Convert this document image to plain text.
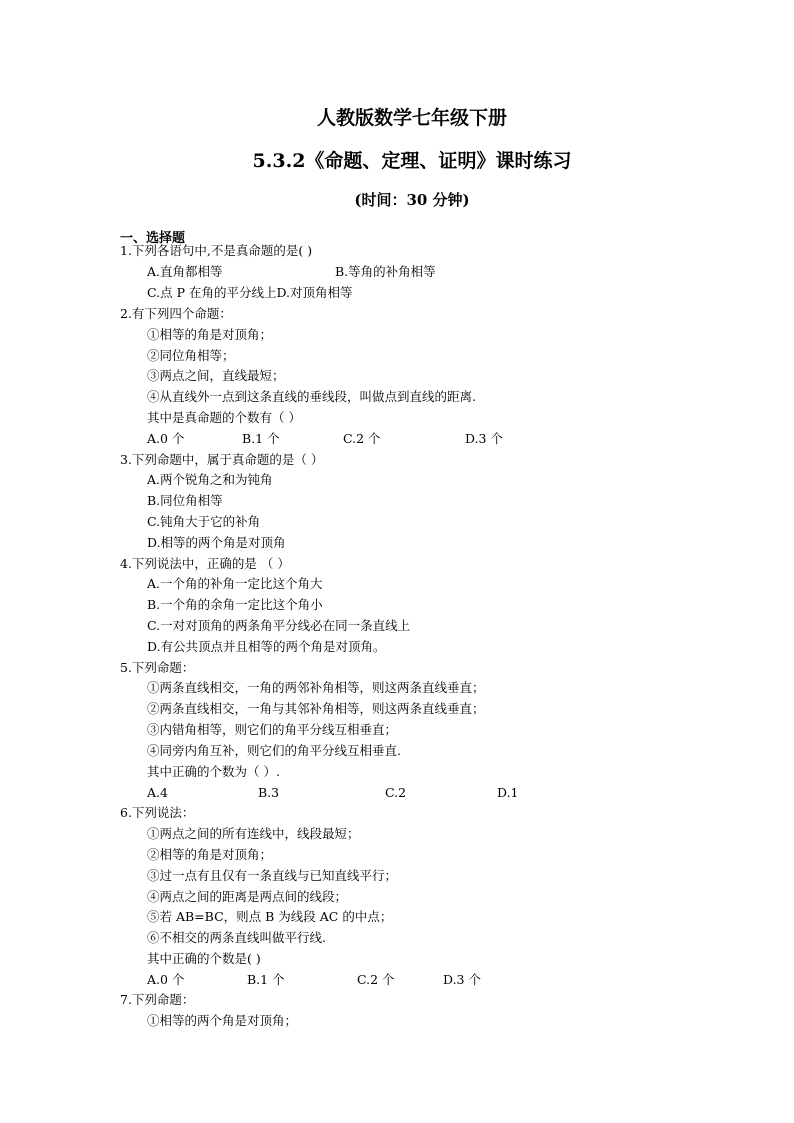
人教版数学七年级下册
5.3.2《命题、定理、证明》课时练习
(时间：30 分钟)
一、选择题
1.下列各语句中,不是真命题的是( )
A.直角都相等	B.等角的补角相等
C.点 P 在角的平分线上D.对顶角相等
2.有下列四个命题：
①相等的角是对顶角；
②同位角相等；
③两点之间，直线最短；
④从直线外一点到这条直线的垂线段，叫做点到直线的距离.
其中是真命题的个数有（ ）
A.0 个	B.1 个	C.2 个	D.3 个
3.下列命题中，属于真命题的是（ ）
A.两个锐角之和为钝角
B.同位角相等
C.钝角大于它的补角
D.相等的两个角是对顶角
4.下列说法中，正确的是 （ ）
A.一个角的补角一定比这个角大
B.一个角的余角一定比这个角小
C.一对对顶角的两条角平分线必在同一条直线上
D.有公共顶点并且相等的两个角是对顶角。
5.下列命题：
①两条直线相交，一角的两邻补角相等，则这两条直线垂直；
②两条直线相交，一角与其邻补角相等，则这两条直线垂直；
③内错角相等，则它们的角平分线互相垂直；
④同旁内角互补，则它们的角平分线互相垂直.
其中正确的个数为（ ）.
A.4	B.3	C.2	D.1
6.下列说法：
①两点之间的所有连线中，线段最短；
②相等的角是对顶角；
③过一点有且仅有一条直线与已知直线平行；
④两点之间的距离是两点间的线段；
⑤若 AB=BC，则点 B 为线段 AC 的中点；
⑥不相交的两条直线叫做平行线.
其中正确的个数是( )
A.0 个	B.1 个	C.2 个	D.3 个
7.下列命题：
①相等的两个角是对顶角；
